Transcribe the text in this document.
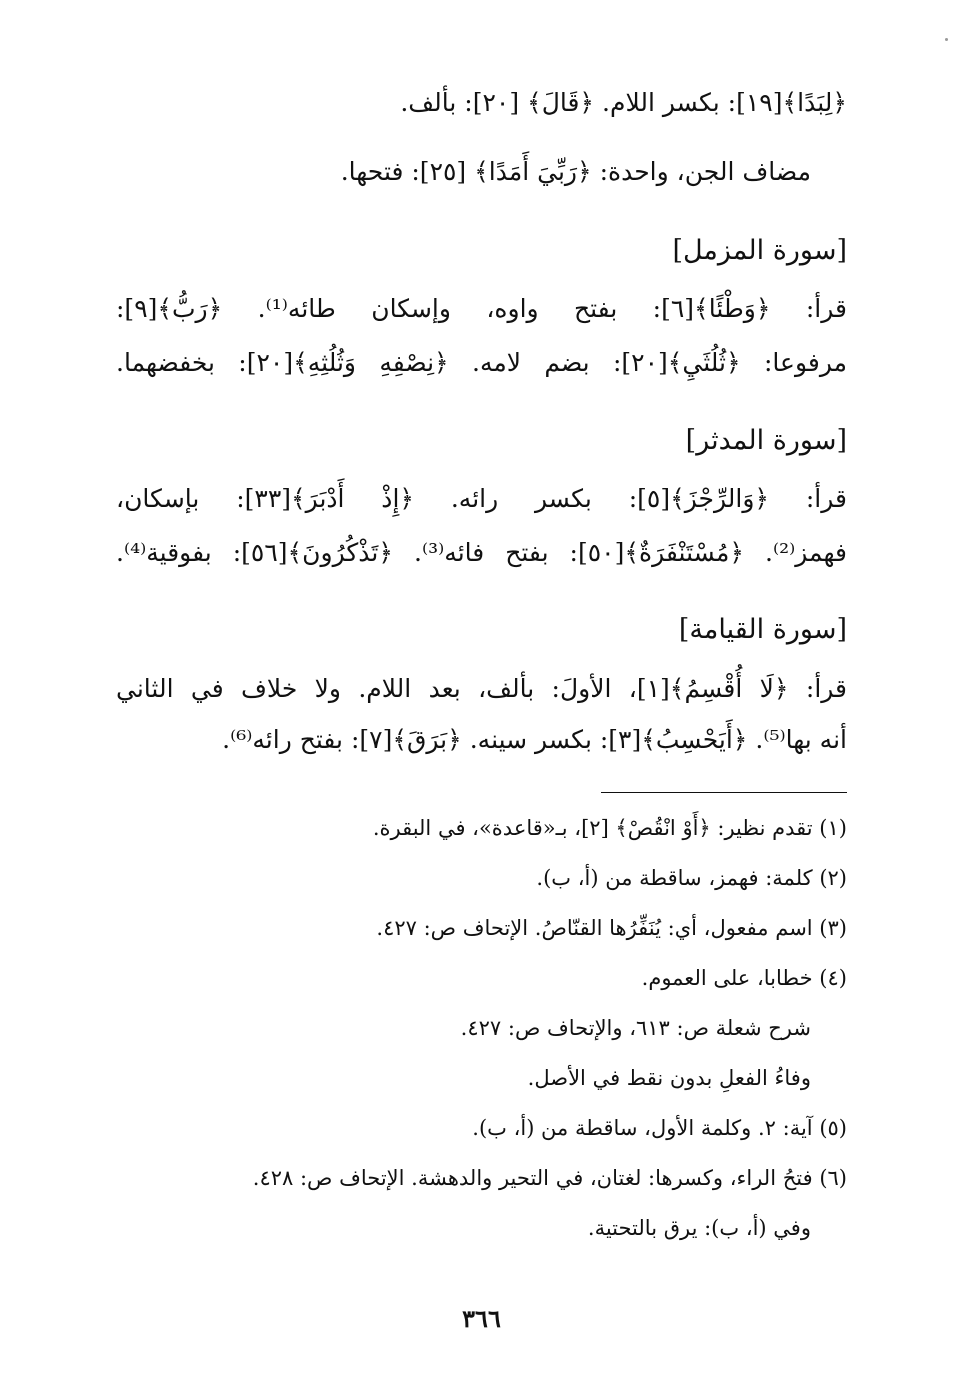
﴿لِبَدًا﴾[١٩]: بكسر اللام. ﴿قَالَ﴾ [٢٠]: بألف.
مضاف الجن، واحدة: ﴿رَبِّيَ أَمَدًا﴾ [٢٥]: فتحها.
[سورة المزمل]
قرأ: ﴿وَطْئًا﴾[٦]: بفتح واوه، وإسكان طائه⁽¹⁾. ﴿رَبُّ﴾[٩]:
مرفوعا: ﴿ثُلُثَيِ﴾[٢٠]: بضم لامه. ﴿نِصْفِهِ وَثُلُثِهِ﴾[٢٠]: بخفضهما.
[سورة المدثر]
قرأ: ﴿وَالرِّجْزَ﴾[٥]: بكسر رائه. ﴿إِذْ أَدْبَرَ﴾[٣٣]: بإسكان،
فهمز⁽²⁾. ﴿مُسْتَنْفَرَةٌ﴾[٥٠]: بفتح فائه⁽³⁾. ﴿تَذْكُرُونَ﴾[٥٦]: بفوقية⁽⁴⁾.
[سورة القيامة]
قرأ: ﴿لَا أُقْسِمُ﴾[١]، الأولَ: بألف، بعد اللام. ولا خلاف في الثاني
أنه بها⁽⁵⁾. ﴿أَيَحْسِبُ﴾[٣]: بكسر سينه. ﴿بَرَقَ﴾[٧]: بفتح رائه⁽⁶⁾.
(١) تقدم نظير: ﴿أَوْ انْقُصْ﴾ [٢]، بـ«قاعدة»، في البقرة.
(٢) كلمة: فهمز، ساقطة من (أ، ب).
(٣) اسم مفعول، أي: يُنَفِّرُها القنّاصُ. الإتحاف ص: ٤٢٧.
(٤) خطابا، على العموم.
شرح شعلة ص: ٦١٣، والإتحاف ص: ٤٢٧.
وفاءُ الفعلِ بدون نقط في الأصل.
(٥) آية: ٢. وكلمة الأول، ساقطة من (أ، ب).
(٦) فتحُ الراء، وكسرها: لغتان، في التحير والدهشة. الإتحاف ص: ٤٢٨.
وفي (أ، ب): يرق بالتحتية.
٣٦٦
